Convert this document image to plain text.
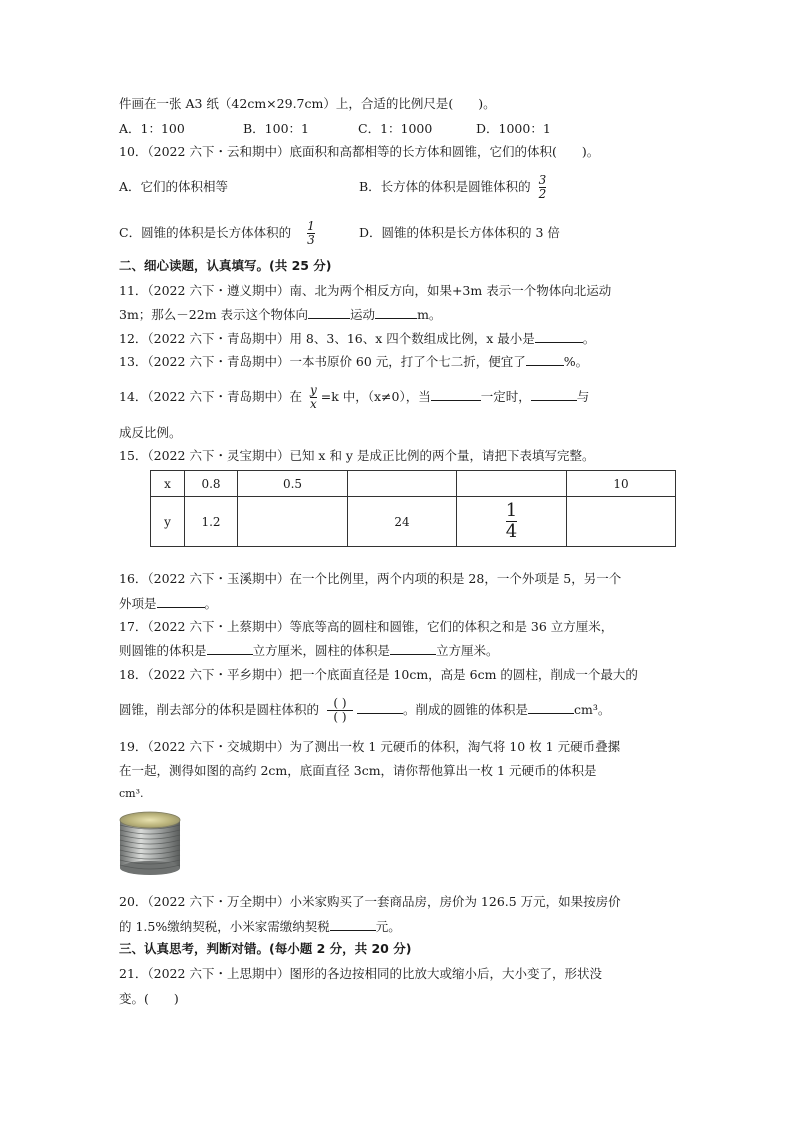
件画在一张 A3 纸（42cm×29.7cm）上，合适的比例尺是(　　)。
A．1：100	B．100：1	C．1：1000	D．1000：1
10．（2022 六下・云和期中）底面积和高都相等的长方体和圆锥，它们的体积(　　)。
A．它们的体积相等	B．长方体的体积是圆锥体积的 $\frac{3}{2}$
C．圆锥的体积是长方体体积的 $\frac{1}{3}$	D．圆锥的体积是长方体体积的 3 倍
二、细心读题，认真填写。(共 25 分)
11．（2022 六下・遵义期中）南、北为两个相反方向，如果+3m 表示一个物体向北运动
3m；那么－22m 表示这个物体向	运动	m。
12．（2022 六下・青岛期中）用 8、3、16、x 四个数组成比例，x 最小是	。
13．（2022 六下・青岛期中）一本书原价 60 元，打了个七二折，便宜了	%。
14．（2022 六下・青岛期中）在 $\frac{y}{x} =k$ 中，（x≠0），当	一定时，	与
成反比例。
15．（2022 六下・灵宝期中）已知 x 和 y 是成正比例的两个量，请把下表填写完整。
x	0.8	0.5			10
y	1.2		24	$\frac{1}{4}$

16．（2022 六下・玉溪期中）在一个比例里，两个内项的积是 28，一个外项是 5，另一个
外项是	。
17．（2022 六下・上蔡期中）等底等高的圆柱和圆锥，它们的体积之和是 36 立方厘米，
则圆锥的体积是	立方厘米，圆柱的体积是	立方厘米。
18．（2022 六下・平乡期中）把一个底面直径是 10cm，高是 6cm 的圆柱，削成一个最大的
圆锥，削去部分的体积是圆柱体积的 $\frac{( )}{( )}$	。削成的圆锥的体积是	cm³。
19．（2022 六下・交城期中）为了测出一枚 1 元硬币的体积，淘气将 10 枚 1 元硬币叠摞
在一起，测得如图的高约 2cm，底面直径 3cm，请你帮他算出一枚 1 元硬币的体积是
cm³.
20．（2022 六下・万全期中）小米家购买了一套商品房，房价为 126.5 万元，如果按房价
的 1.5%缴纳契税，小米家需缴纳契税	元。
三、认真思考，判断对错。(每小题 2 分，共 20 分)
21．（2022 六下・上思期中）图形的各边按相同的比放大或缩小后，大小变了，形状没
变。(　　)
